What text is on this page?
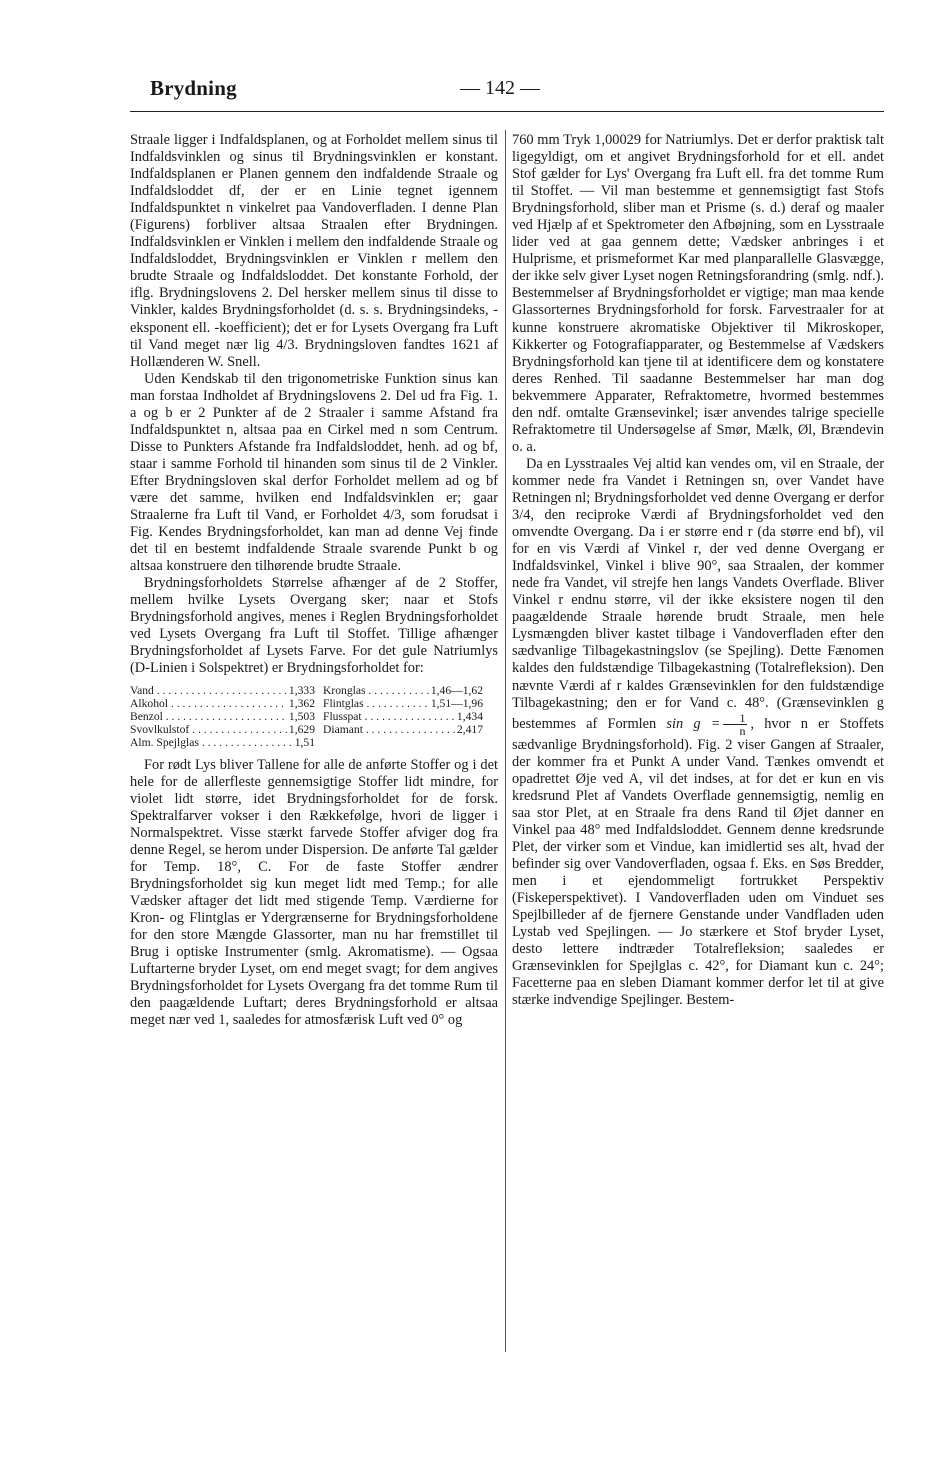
Brydning	— 142 —

Straale ligger i Indfaldsplanen, og at Forholdet mellem sinus til Indfaldsvinklen og sinus til Brydningsvinklen er konstant. Indfaldsplanen er Planen gennem den indfaldende Straale og Indfaldsloddet df, der er en Linie tegnet igennem Indfaldspunktet n vinkelret paa Vandoverfladen. I denne Plan (Figurens) forbliver altsaa Straalen efter Brydningen. Indfaldsvinklen er Vinklen i mellem den indfaldende Straale og Indfaldsloddet, Brydningsvinklen er Vinklen r mellem den brudte Straale og Indfaldsloddet. Det konstante Forhold, der iflg. Brydningslovens 2. Del hersker mellem sinus til disse to Vinkler, kaldes Brydningsforholdet (d. s. s. Brydningsindeks, -eksponent ell. -koefficient); det er for Lysets Overgang fra Luft til Vand meget nær lig 4/3. Brydningsloven fandtes 1621 af Hollænderen W. Snell.

Uden Kendskab til den trigonometriske Funktion sinus kan man forstaa Indholdet af Brydningslovens 2. Del ud fra Fig. 1. a og b er 2 Punkter af de 2 Straaler i samme Afstand fra Indfaldspunktet n, altsaa paa en Cirkel med n som Centrum. Disse to Punkters Afstande fra Indfaldsloddet, henh. ad og bf, staar i samme Forhold til hinanden som sinus til de 2 Vinkler. Efter Brydningsloven skal derfor Forholdet mellem ad og bf være det samme, hvilken end Indfaldsvinklen er; gaar Straalerne fra Luft til Vand, er Forholdet 4/3, som forudsat i Fig. Kendes Brydningsforholdet, kan man ad denne Vej finde det til en bestemt indfaldende Straale svarende Punkt b og altsaa konstruere den tilhørende brudte Straale.

Brydningsforholdets Størrelse afhænger af de 2 Stoffer, mellem hvilke Lysets Overgang sker; naar et Stofs Brydningsforhold angives, menes i Reglen Brydningsforholdet ved Lysets Overgang fra Luft til Stoffet. Tillige afhænger Brydningsforholdet af Lysets Farve. For det gule Natriumlys (D-Linien i Solspektret) er Brydningsforholdet for:

Vand . . .	1,333 Kronglas . . .	1,46—1,62
Alkohol . . .	1,362 Flintglas . . .	1,51—1,96
Benzol . . .	1,503 Flusspat . . .	1,434
Svovlkulstof . . .	1,629 Diamant . . .	2,417
Alm. Spejlglas . . .	1,51

For rødt Lys bliver Tallene for alle de anførte Stoffer og i det hele for de allerfleste gennemsigtige Stoffer lidt mindre, for violet lidt større, idet Brydningsforholdet for de forsk. Spektralfarver vokser i den Rækkefølge, hvori de ligger i Normalspektret. Visse stærkt farvede Stoffer afviger dog fra denne Regel, se herom under Dispersion. De anførte Tal gælder for Temp. 18°, C. For de faste Stoffer ændrer Brydningsforholdet sig kun meget lidt med Temp.; for alle Vædsker aftager det lidt med stigende Temp. Værdierne for Kron- og Flintglas er Ydergrænserne for Brydningsforholdene for den store Mængde Glassorter, man nu har fremstillet til Brug i optiske Instrumenter (smlg. Akromatisme). — Ogsaa Luftarterne bryder Lyset, om end meget svagt; for dem angives Brydningsforholdet for Lysets Overgang fra det tomme Rum til den paagældende Luftart; deres Brydningsforhold er altsaa meget nær ved 1, saaledes for atmosfærisk Luft ved 0° og

760 mm Tryk 1,00029 for Natriumlys. Det er derfor praktisk talt ligegyldigt, om et angivet Brydningsforhold for et ell. andet Stof gælder for Lys' Overgang fra Luft ell. fra det tomme Rum til Stoffet. — Vil man bestemme et gennemsigtigt fast Stofs Brydningsforhold, sliber man et Prisme (s. d.) deraf og maaler ved Hjælp af et Spektrometer den Afbøjning, som en Lysstraale lider ved at gaa gennem dette; Vædsker anbringes i et Hulprisme, et prismeformet Kar med planparallelle Glasvægge, der ikke selv giver Lyset nogen Retningsforandring (smlg. ndf.). Bestemmelser af Brydningsforholdet er vigtige; man maa kende Glassorternes Brydningsforhold for forsk. Farvestraaler for at kunne konstruere akromatiske Objektiver til Mikroskoper, Kikkerter og Fotografiapparater, og Bestemmelse af Vædskers Brydningsforhold kan tjene til at identificere dem og konstatere deres Renhed. Til saadanne Bestemmelser har man dog bekvemmere Apparater, Refraktometre, hvormed bestemmes den ndf. omtalte Grænsevinkel; især anvendes talrige specielle Refraktometre til Undersøgelse af Smør, Mælk, Øl, Brændevin o. a.

Da en Lysstraales Vej altid kan vendes om, vil en Straale, der kommer nede fra Vandet i Retningen sn, over Vandet have Retningen nl; Brydningsforholdet ved denne Overgang er derfor 3/4, den reciproke Værdi af Brydningsforholdet ved den omvendte Overgang. Da i er større end r (da større end bf), vil for en vis Værdi af Vinkel r, der ved denne Overgang er Indfaldsvinkel, Vinkel i blive 90°, saa Straalen, der kommer nede fra Vandet, vil strejfe hen langs Vandets Overflade. Bliver Vinkel r endnu større, vil der ikke eksistere nogen til den paagældende Straale hørende brudt Straale, men hele Lysmængden bliver kastet tilbage i Vandoverfladen efter den sædvanlige Tilbagekastningslov (se Spejling). Dette Fænomen kaldes den fuldstændige Tilbagekastning (Totalrefleksion). Den nævnte Værdi af r kaldes Grænsevinklen for den fuldstændige Tilbagekastning; den er for Vand c. 48°. (Grænsevinklen g bestemmes af Formlen $\sin g = \frac{1}{n}$ , hvor n er Stoffets sædvanlige Brydningsforhold). Fig. 2 viser Gangen af Straaler, der kommer fra et Punkt A under Vand. Tænkes omvendt et opadrettet Øje ved A, vil det indses, at for det er kun en vis kredsrund Plet af Vandets Overflade gennemsigtig, nemlig en saa stor Plet, at en Straale fra dens Rand til Øjet danner en Vinkel paa 48° med Indfaldsloddet. Gennem denne kredsrunde Plet, der virker som et Vindue, kan imidlertid ses alt, hvad der befinder sig over Vandoverfladen, ogsaa f. Eks. en Søs Bredder, men i et ejendommeligt fortrukket Perspektiv (Fiskeperspektivet). I Vandoverfladen uden om Vinduet ses Spejlbilleder af de fjernere Genstande under Vandfladen uden Lystab ved Spejlingen. — Jo stærkere et Stof bryder Lyset, desto lettere indtræder Totalrefleksion; saaledes er Grænsevinklen for Spejlglas c. 42°, for Diamant kun c. 24°; Facetterne paa en sleben Diamant kommer derfor let til at give stærke indvendige Spejlinger. Bestem-
